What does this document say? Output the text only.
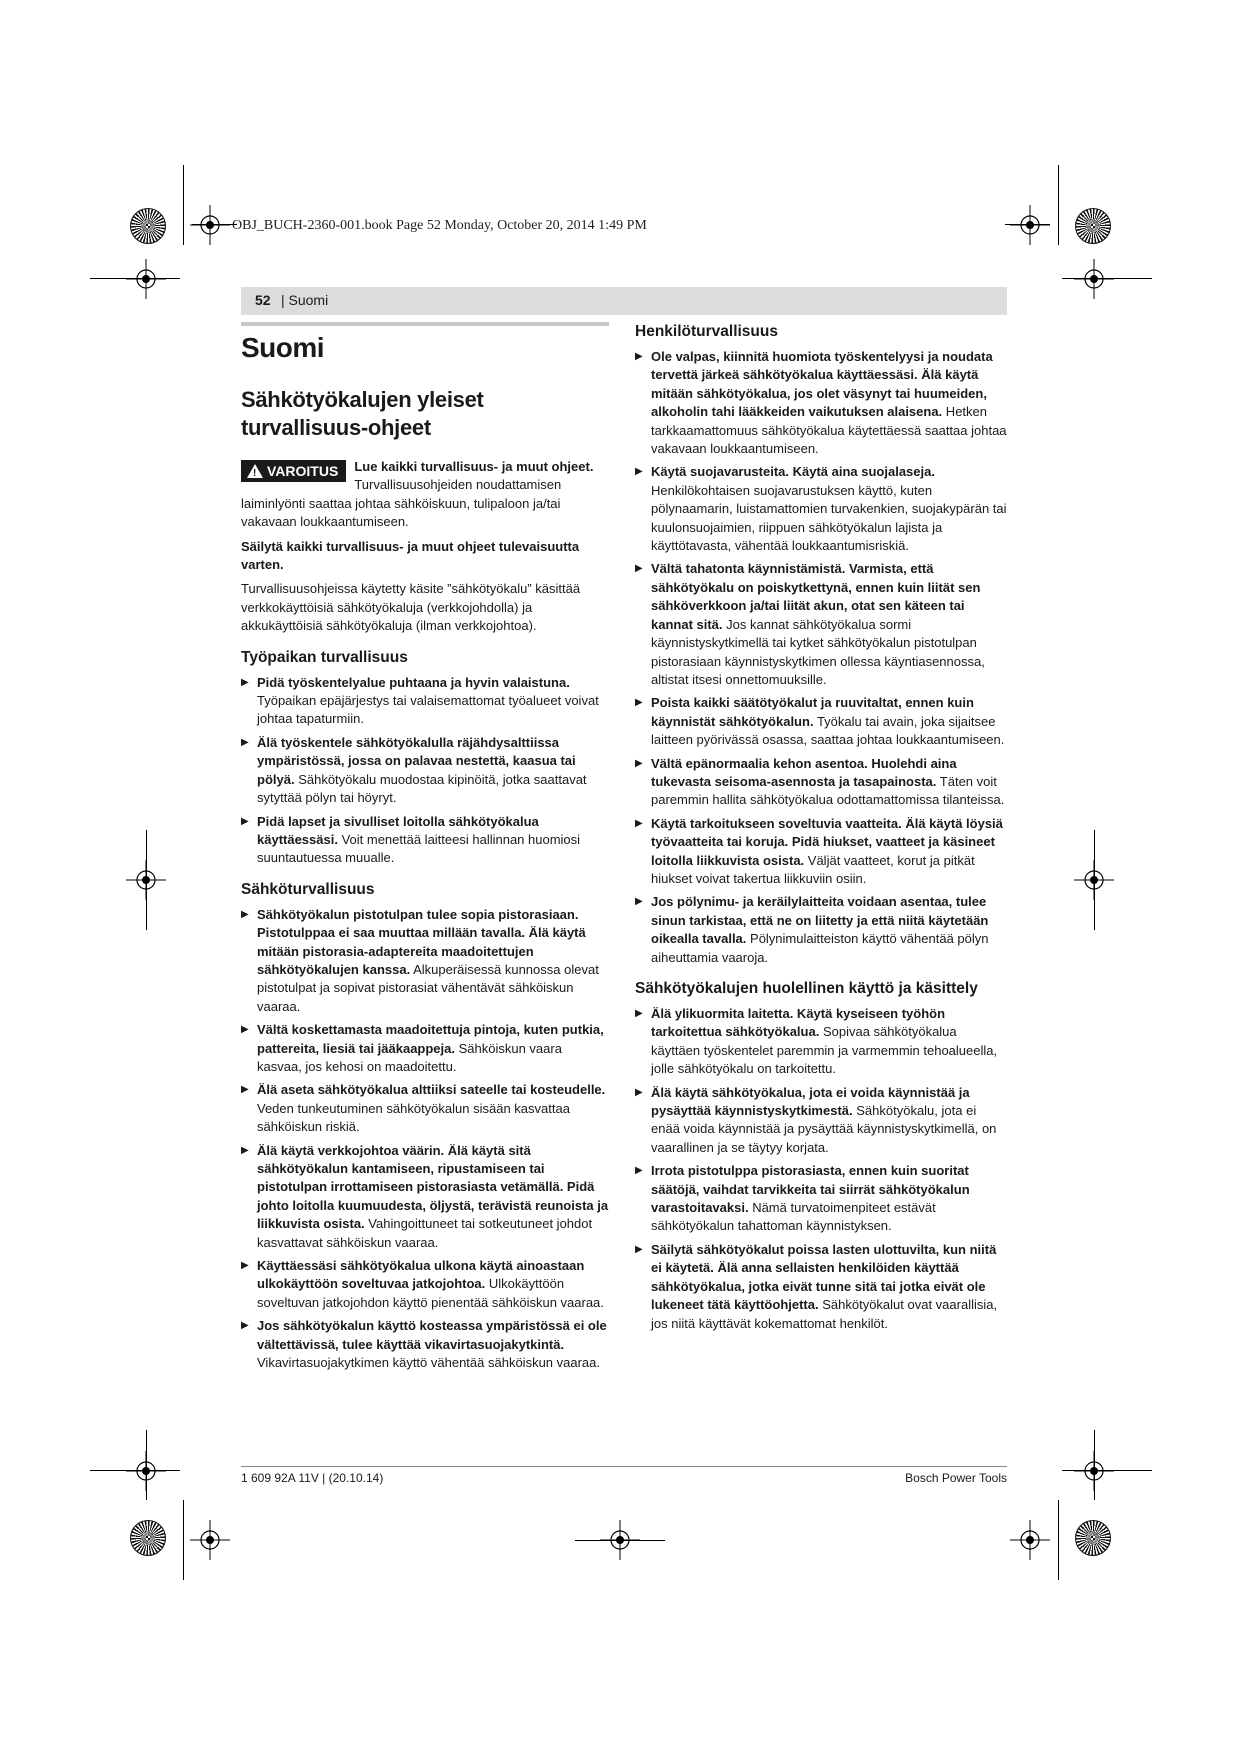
OBJ_BUCH-2360-001.book Page 52 Monday, October 20, 2014 1:49 PM
52 | Suomi
Suomi
Sähkötyökalujen yleiset turvallisuus-ohjeet
!
VAROITUS Lue kaikki turvallisuus- ja muut ohjeet. Turvallisuusohjeiden noudattamisen laiminlyönti saattaa johtaa sähköiskuun, tulipaloon ja/tai vakavaan loukkaantumiseen.

Säilytä kaikki turvallisuus- ja muut ohjeet tulevaisuutta varten.

Turvallisuusohjeissa käytetty käsite ”sähkötyökalu” käsittää verkkokäyttöisiä sähkötyökaluja (verkkojohdolla) ja akkukäyttöisiä sähkötyökaluja (ilman verkkojohtoa).

Työpaikan turvallisuus
▶ Pidä työskentelyalue puhtaana ja hyvin valaistuna. Työpaikan epäjärjestys tai valaisemattomat työalueet voivat johtaa tapaturmiin.
▶ Älä työskentele sähkötyökalulla räjähdysalttiissa ympäristössä, jossa on palavaa nestettä, kaasua tai pölyä. Sähkötyökalu muodostaa kipinöitä, jotka saattavat sytyttää pölyn tai höyryt.
▶ Pidä lapset ja sivulliset loitolla sähkötyökalua käyttäessäsi. Voit menettää laitteesi hallinnan huomiosi suuntautuessa muualle.
Sähköturvallisuus
▶ Sähkötyökalun pistotulpan tulee sopia pistorasiaan. Pistotulppaa ei saa muuttaa millään tavalla. Älä käytä mitään pistorasia-adaptereita maadoitettujen sähkötyökalujen kanssa. Alkuperäisessä kunnossa olevat pistotulpat ja sopivat pistorasiat vähentävät sähköiskun vaaraa.
▶ Vältä koskettamasta maadoitettuja pintoja, kuten putkia, pattereita, liesiä tai jääkaappeja. Sähköiskun vaara kasvaa, jos kehosi on maadoitettu.
▶ Älä aseta sähkötyökalua alttiiksi sateelle tai kosteudelle. Veden tunkeutuminen sähkötyökalun sisään kasvattaa sähköiskun riskiä.
▶ Älä käytä verkkojohtoa väärin. Älä käytä sitä sähkötyökalun kantamiseen, ripustamiseen tai pistotulpan irrottamiseen pistorasiasta vetämällä. Pidä johto loitolla kuumuudesta, öljystä, terävistä reunoista ja liikkuvista osista. Vahingoittuneet tai sotkeutuneet johdot kasvattavat sähköiskun vaaraa.
▶ Käyttäessäsi sähkötyökalua ulkona käytä ainoastaan ulkokäyttöön soveltuvaa jatkojohtoa. Ulkokäyttöön soveltuvan jatkojohdon käyttö pienentää sähköiskun vaaraa.
▶ Jos sähkötyökalun käyttö kosteassa ympäristössä ei ole vältettävissä, tulee käyttää vikavirtasuojakytkintä. Vikavirtasuojakytkimen käyttö vähentää sähköiskun vaaraa.
Henkilöturvallisuus
▶ Ole valpas, kiinnitä huomiota työskentelyysi ja noudata tervettä järkeä sähkötyökalua käyttäessäsi. Älä käytä mitään sähkötyökalua, jos olet väsynyt tai huumeiden, alkoholin tahi lääkkeiden vaikutuksen alaisena. Hetken tarkkaamattomuus sähkötyökalua käytettäessä saattaa johtaa vakavaan loukkaantumiseen.
▶ Käytä suojavarusteita. Käytä aina suojalaseja. Henkilökohtaisen suojavarustuksen käyttö, kuten pölynaamarin, luistamattomien turvakenkien, suojakypärän tai kuulonsuojaimien, riippuen sähkötyökalun lajista ja käyttötavasta, vähentää loukkaantumisriskiä.
▶ Vältä tahatonta käynnistämistä. Varmista, että sähkötyökalu on poiskytkettynä, ennen kuin liität sen sähköverkkoon ja/tai liität akun, otat sen käteen tai kannat sitä. Jos kannat sähkötyökalua sormi käynnistyskytkimellä tai kytket sähkötyökalun pistotulpan pistorasiaan käynnistyskytkimen ollessa käyntiasennossa, altistat itsesi onnettomuuksille.
▶ Poista kaikki säätötyökalut ja ruuvitaltat, ennen kuin käynnistät sähkötyökalun. Työkalu tai avain, joka sijaitsee laitteen pyörivässä osassa, saattaa johtaa loukkaantumiseen.
▶ Vältä epänormaalia kehon asentoa. Huolehdi aina tukevasta seisoma-asennosta ja tasapainosta. Täten voit paremmin hallita sähkötyökalua odottamattomissa tilanteissa.
▶ Käytä tarkoitukseen soveltuvia vaatteita. Älä käytä löysiä työvaatteita tai koruja. Pidä hiukset, vaatteet ja käsineet loitolla liikkuvista osista. Väljät vaatteet, korut ja pitkät hiukset voivat takertua liikkuviin osiin.
▶ Jos pölynimu- ja keräilylaitteita voidaan asentaa, tulee sinun tarkistaa, että ne on liitetty ja että niitä käytetään oikealla tavalla. Pölynimulaitteiston käyttö vähentää pölyn aiheuttamia vaaroja.
Sähkötyökalujen huolellinen käyttö ja käsittely
▶ Älä ylikuormita laitetta. Käytä kyseiseen työhön tarkoitettua sähkötyökalua. Sopivaa sähkötyökalua käyttäen työskentelet paremmin ja varmemmin tehoalueella, jolle sähkötyökalu on tarkoitettu.
▶ Älä käytä sähkötyökalua, jota ei voida käynnistää ja pysäyttää käynnistyskytkimestä. Sähkötyökalu, jota ei enää voida käynnistää ja pysäyttää käynnistyskytkimellä, on vaarallinen ja se täytyy korjata.
▶ Irrota pistotulppa pistorasiasta, ennen kuin suoritat säätöjä, vaihdat tarvikkeita tai siirrät sähkötyökalun varastoitavaksi. Nämä turvatoimenpiteet estävät sähkötyökalun tahattoman käynnistyksen.
▶ Säilytä sähkötyökalut poissa lasten ulottuvilta, kun niitä ei käytetä. Älä anna sellaisten henkilöiden käyttää sähkötyökalua, jotka eivät tunne sitä tai jotka eivät ole lukeneet tätä käyttöohjetta. Sähkötyökalut ovat vaarallisia, jos niitä käyttävät kokemattomat henkilöt.
1 609 92A 11V | (20.10.14)	Bosch Power Tools
